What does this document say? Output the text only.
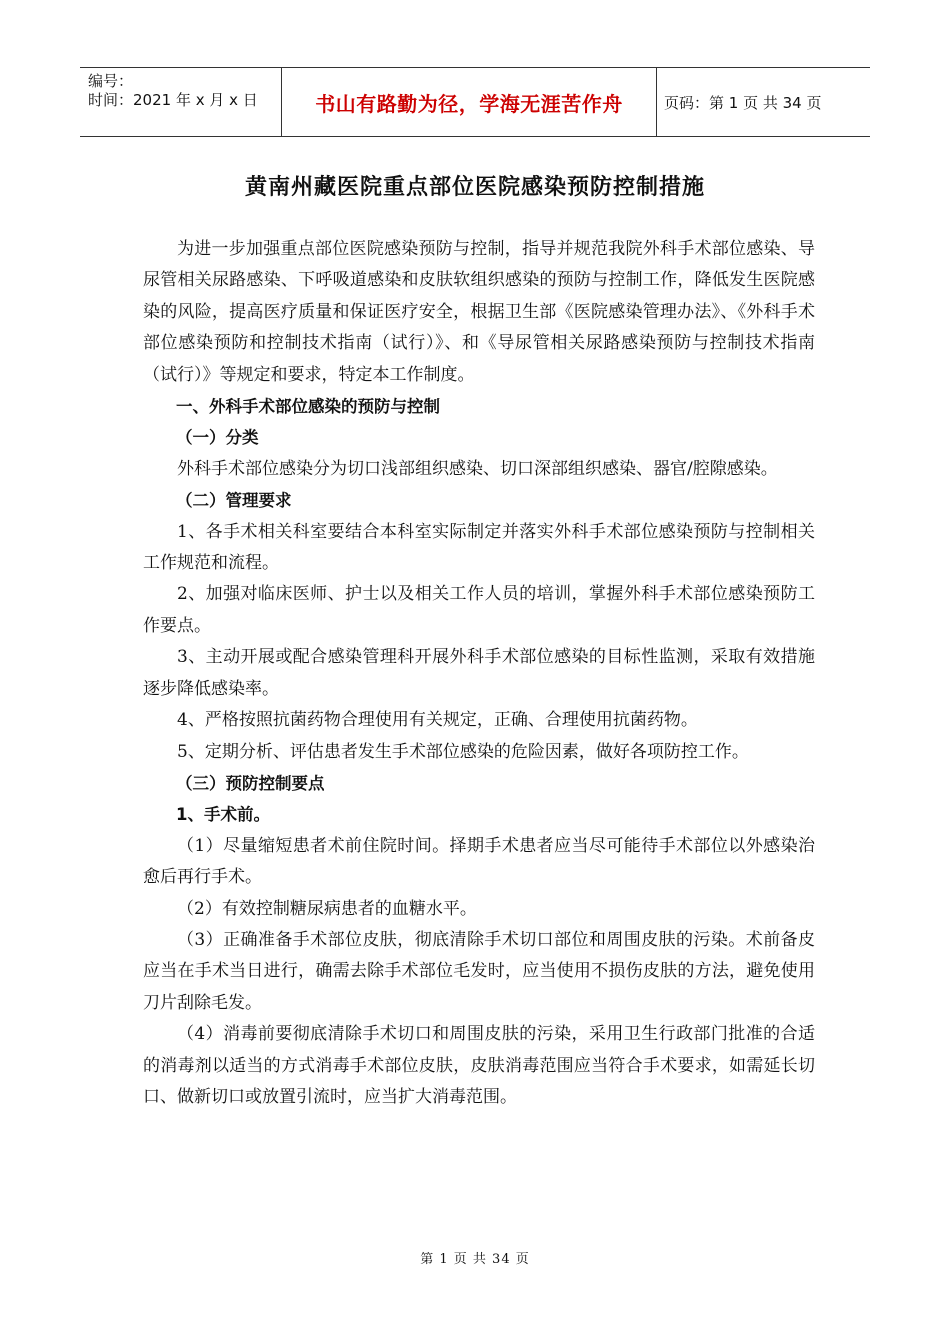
编号：
时间：2021 年 x 月 x 日	书山有路勤为径，学海无涯苦作舟	页码：第 1 页 共 34 页
黄南州藏医院重点部位医院感染预防控制措施

为进一步加强重点部位医院感染预防与控制，指导并规范我院外科手术部位感染、导尿管相关尿路感染、下呼吸道感染和皮肤软组织感染的预防与控制工作，降低发生医院感染的风险，提高医疗质量和保证医疗安全，根据卫生部《医院感染管理办法》、《外科手术部位感染预防和控制技术指南（试行）》、和《导尿管相关尿路感染预防与控制技术指南（试行）》等规定和要求，特定本工作制度。

一、外科手术部位感染的预防与控制

（一）分类

外科手术部位感染分为切口浅部组织感染、切口深部组织感染、器官/腔隙感染。

（二）管理要求

1、各手术相关科室要结合本科室实际制定并落实外科手术部位感染预防与控制相关工作规范和流程。

2、加强对临床医师、护士以及相关工作人员的培训，掌握外科手术部位感染预防工作要点。

3、主动开展或配合感染管理科开展外科手术部位感染的目标性监测，采取有效措施逐步降低感染率。

4、严格按照抗菌药物合理使用有关规定，正确、合理使用抗菌药物。

5、定期分析、评估患者发生手术部位感染的危险因素，做好各项防控工作。

（三）预防控制要点

1、手术前。

（1）尽量缩短患者术前住院时间。择期手术患者应当尽可能待手术部位以外感染治愈后再行手术。

（2）有效控制糖尿病患者的血糖水平。

（3）正确准备手术部位皮肤，彻底清除手术切口部位和周围皮肤的污染。术前备皮应当在手术当日进行，确需去除手术部位毛发时，应当使用不损伤皮肤的方法，避免使用刀片刮除毛发。

（4）消毒前要彻底清除手术切口和周围皮肤的污染，采用卫生行政部门批准的合适的消毒剂以适当的方式消毒手术部位皮肤，皮肤消毒范围应当符合手术要求，如需延长切口、做新切口或放置引流时，应当扩大消毒范围。

第 1 页 共 34 页
